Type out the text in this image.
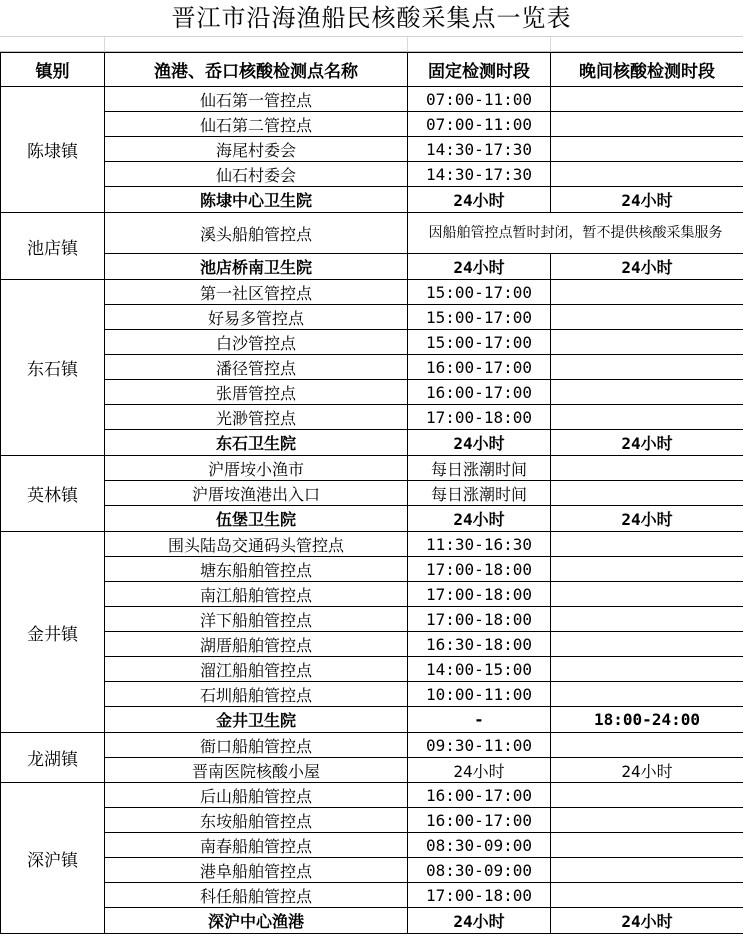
晋江市沿海渔船民核酸采集点一览表
镇别	渔港、岙口核酸检测点名称	固定检测时段	晚间核酸检测时段
陈埭镇	仙石第一管控点	07:00-11:00	
	仙石第二管控点	07:00-11:00	
	海尾村委会	14:30-17:30	
	仙石村委会	14:30-17:30	
	陈埭中心卫生院	24小时	24小时
池店镇	溪头船舶管控点	因船舶管控点暂时封闭，暂不提供核酸采集服务	
	池店桥南卫生院	24小时	24小时
东石镇	第一社区管控点	15:00-17:00	
	好易多管控点	15:00-17:00	
	白沙管控点	15:00-17:00	
	潘径管控点	16:00-17:00	
	张厝管控点	16:00-17:00	
	光渺管控点	17:00-18:00	
	东石卫生院	24小时	24小时
英林镇	沪厝垵小渔市	每日涨潮时间	
	沪厝垵渔港出入口	每日涨潮时间	
	伍堡卫生院	24小时	24小时
金井镇	围头陆岛交通码头管控点	11:30-16:30	
	塘东船舶管控点	17:00-18:00	
	南江船舶管控点	17:00-18:00	
	洋下船舶管控点	17:00-18:00	
	湖厝船舶管控点	16:30-18:00	
	溜江船舶管控点	14:00-15:00	
	石圳船舶管控点	10:00-11:00	
	金井卫生院	-	18:00-24:00
龙湖镇	衙口船舶管控点	09:30-11:00	
	晋南医院核酸小屋	24小时	24小时
深沪镇	后山船舶管控点	16:00-17:00	
	东垵船舶管控点	16:00-17:00	
	南春船舶管控点	08:30-09:00	
	港阜船舶管控点	08:30-09:00	
	科任船舶管控点	17:00-18:00	
	深沪中心渔港	24小时	24小时
